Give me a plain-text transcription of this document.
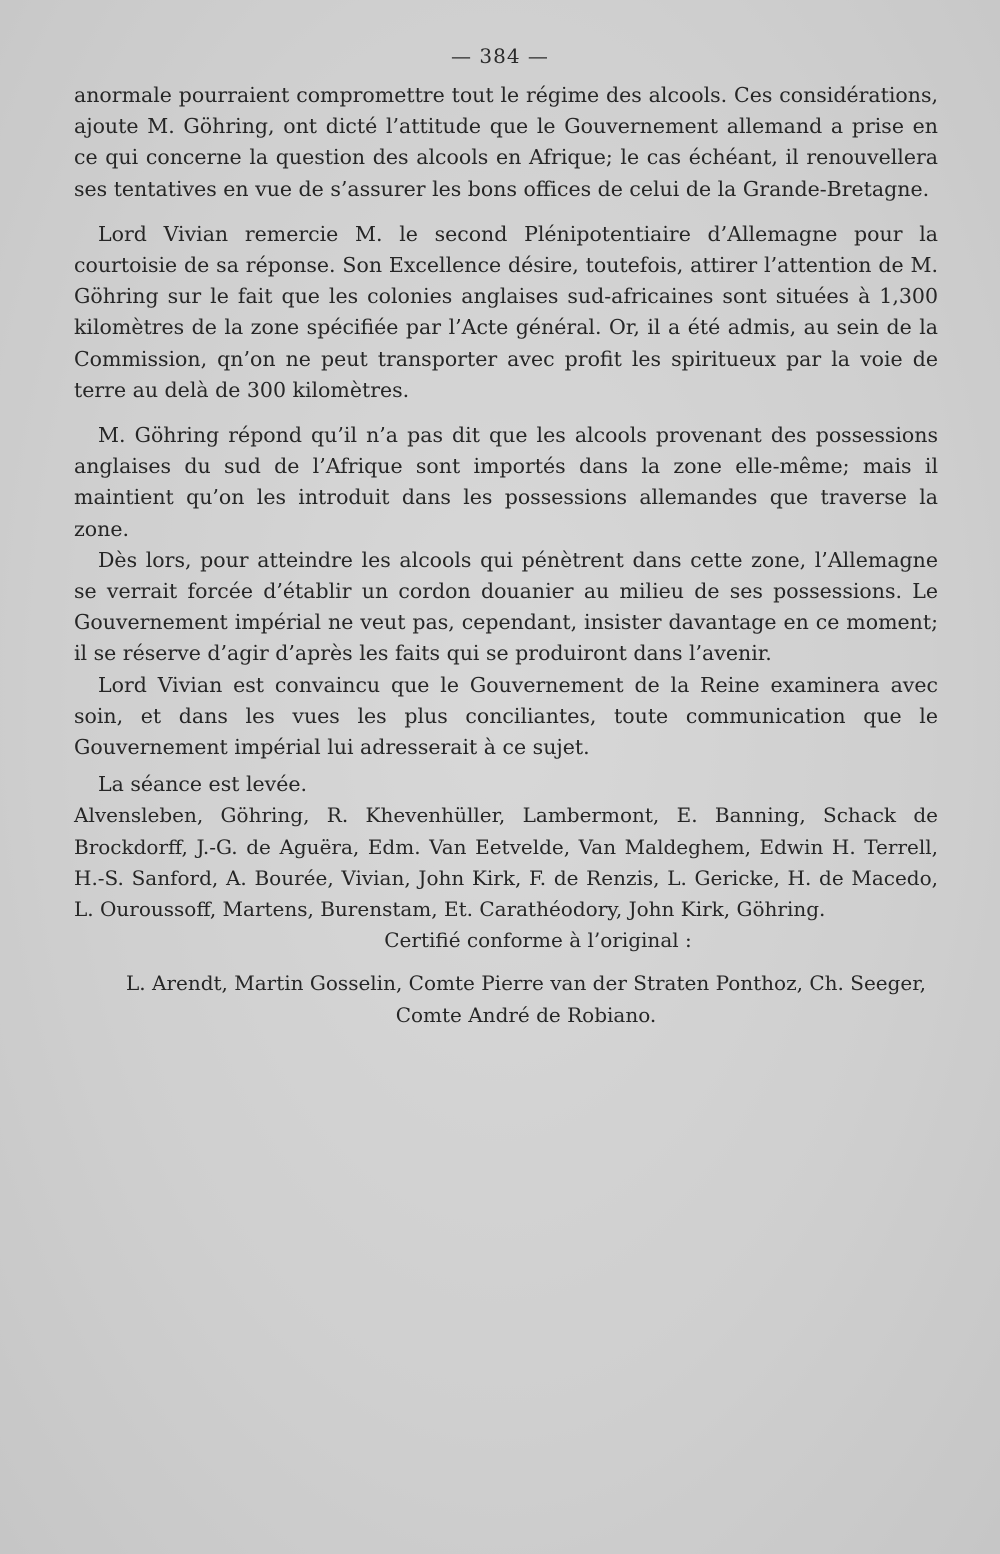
— 384 —

anormale pourraient compromettre tout le régime des alcools. Ces considérations, ajoute M. Göhring, ont dicté l’attitude que le Gouvernement allemand a prise en ce qui concerne la question des alcools en Afrique; le cas échéant, il renouvellera ses tentatives en vue de s’assurer les bons offices de celui de la Grande-Bretagne.

Lord Vivian remercie M. le second Plénipotentiaire d’Allemagne pour la courtoisie de sa réponse. Son Excellence désire, toutefois, attirer l’attention de M. Göhring sur le fait que les colonies anglaises sud-africaines sont situées à 1,300 kilomètres de la zone spécifiée par l’Acte général. Or, il a été admis, au sein de la Commission, qn’on ne peut transporter avec profit les spiritueux par la voie de terre au delà de 300 kilomètres.

M. Göhring répond qu’il n’a pas dit que les alcools provenant des possessions anglaises du sud de l’Afrique sont importés dans la zone elle-même; mais il maintient qu’on les introduit dans les possessions allemandes que traverse la zone.

Dès lors, pour atteindre les alcools qui pénètrent dans cette zone, l’Allemagne se verrait forcée d’établir un cordon douanier au milieu de ses possessions. Le Gouvernement impérial ne veut pas, cependant, insister davantage en ce moment; il se réserve d’agir d’après les faits qui se produiront dans l’avenir.

Lord Vivian est convaincu que le Gouvernement de la Reine examinera avec soin, et dans les vues les plus conciliantes, toute communication que le Gouvernement impérial lui adresserait à ce sujet.

La séance est levée.

Alvensleben, Göhring, R. Khevenhüller, Lambermont, E. Banning, Schack de Brockdorff, J.-G. de Aguëra, Edm. Van Eetvelde, Van Maldeghem, Edwin H. Terrell, H.-S. Sanford, A. Bourée, Vivian, John Kirk, F. de Renzis, L. Gericke, H. de Macedo, L. Ouroussoff, Martens, Burenstam, Et. Carathéodory, John Kirk, Göhring.

Certifié conforme à l’original :

L. Arendt, Martin Gosselin, Comte Pierre van der Straten Ponthoz, Ch. Seeger,
Comte André de Robiano.
